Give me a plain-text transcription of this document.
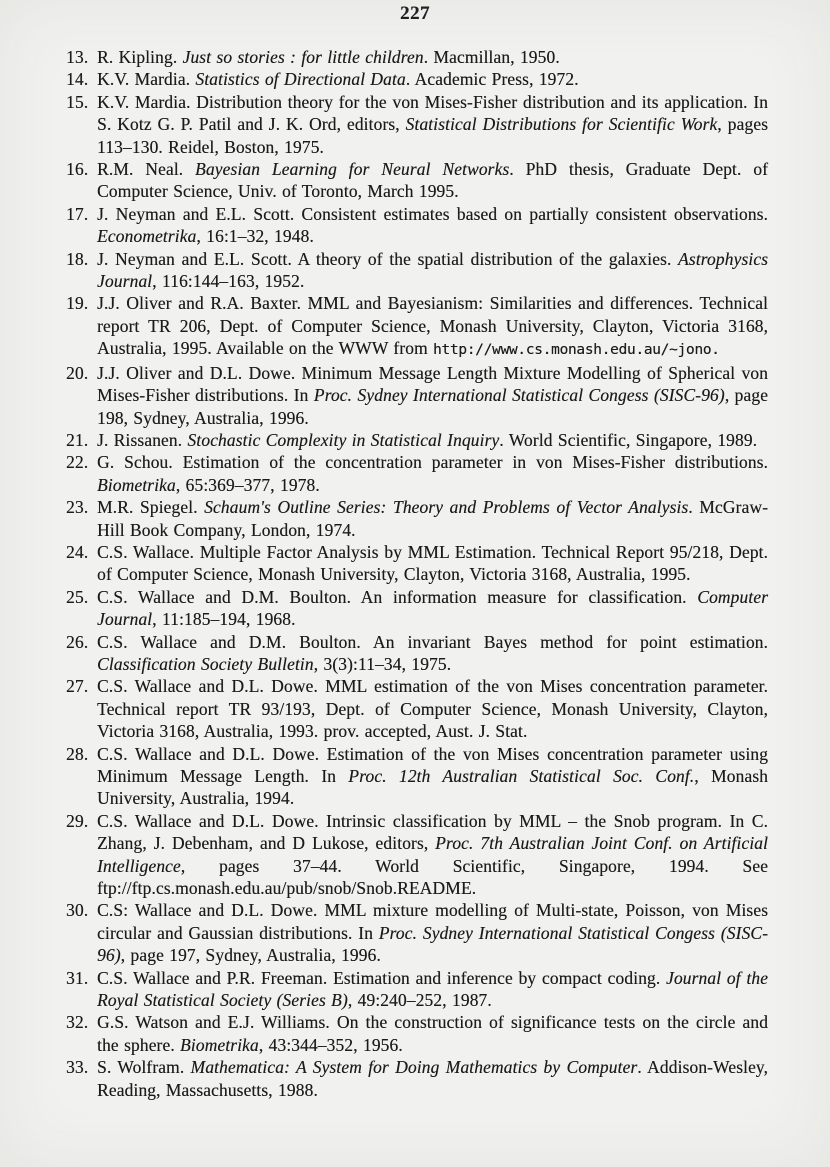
227
13. R. Kipling. Just so stories : for little children. Macmillan, 1950.
14. K.V. Mardia. Statistics of Directional Data. Academic Press, 1972.
15. K.V. Mardia. Distribution theory for the von Mises-Fisher distribution and its application. In S. Kotz G. P. Patil and J. K. Ord, editors, Statistical Distributions for Scientific Work, pages 113–130. Reidel, Boston, 1975.
16. R.M. Neal. Bayesian Learning for Neural Networks. PhD thesis, Graduate Dept. of Computer Science, Univ. of Toronto, March 1995.
17. J. Neyman and E.L. Scott. Consistent estimates based on partially consistent observations. Econometrika, 16:1–32, 1948.
18. J. Neyman and E.L. Scott. A theory of the spatial distribution of the galaxies. Astrophysics Journal, 116:144–163, 1952.
19. J.J. Oliver and R.A. Baxter. MML and Bayesianism: Similarities and differences. Technical report TR 206, Dept. of Computer Science, Monash University, Clayton, Victoria 3168, Australia, 1995. Available on the WWW from http://www.cs.monash.edu.au/~jono.
20. J.J. Oliver and D.L. Dowe. Minimum Message Length Mixture Modelling of Spherical von Mises-Fisher distributions. In Proc. Sydney International Statistical Congess (SISC-96), page 198, Sydney, Australia, 1996.
21. J. Rissanen. Stochastic Complexity in Statistical Inquiry. World Scientific, Singapore, 1989.
22. G. Schou. Estimation of the concentration parameter in von Mises-Fisher distributions. Biometrika, 65:369–377, 1978.
23. M.R. Spiegel. Schaum's Outline Series: Theory and Problems of Vector Analysis. McGraw-Hill Book Company, London, 1974.
24. C.S. Wallace. Multiple Factor Analysis by MML Estimation. Technical Report 95/218, Dept. of Computer Science, Monash University, Clayton, Victoria 3168, Australia, 1995.
25. C.S. Wallace and D.M. Boulton. An information measure for classification. Computer Journal, 11:185–194, 1968.
26. C.S. Wallace and D.M. Boulton. An invariant Bayes method for point estimation. Classification Society Bulletin, 3(3):11–34, 1975.
27. C.S. Wallace and D.L. Dowe. MML estimation of the von Mises concentration parameter. Technical report TR 93/193, Dept. of Computer Science, Monash University, Clayton, Victoria 3168, Australia, 1993. prov. accepted, Aust. J. Stat.
28. C.S. Wallace and D.L. Dowe. Estimation of the von Mises concentration parameter using Minimum Message Length. In Proc. 12th Australian Statistical Soc. Conf., Monash University, Australia, 1994.
29. C.S. Wallace and D.L. Dowe. Intrinsic classification by MML – the Snob program. In C. Zhang, J. Debenham, and D Lukose, editors, Proc. 7th Australian Joint Conf. on Artificial Intelligence, pages 37–44. World Scientific, Singapore, 1994. See ftp://ftp.cs.monash.edu.au/pub/snob/Snob.README.
30. C.S: Wallace and D.L. Dowe. MML mixture modelling of Multi-state, Poisson, von Mises circular and Gaussian distributions. In Proc. Sydney International Statistical Congess (SISC-96), page 197, Sydney, Australia, 1996.
31. C.S. Wallace and P.R. Freeman. Estimation and inference by compact coding. Journal of the Royal Statistical Society (Series B), 49:240–252, 1987.
32. G.S. Watson and E.J. Williams. On the construction of significance tests on the circle and the sphere. Biometrika, 43:344–352, 1956.
33. S. Wolfram. Mathematica: A System for Doing Mathematics by Computer. Addison-Wesley, Reading, Massachusetts, 1988.
